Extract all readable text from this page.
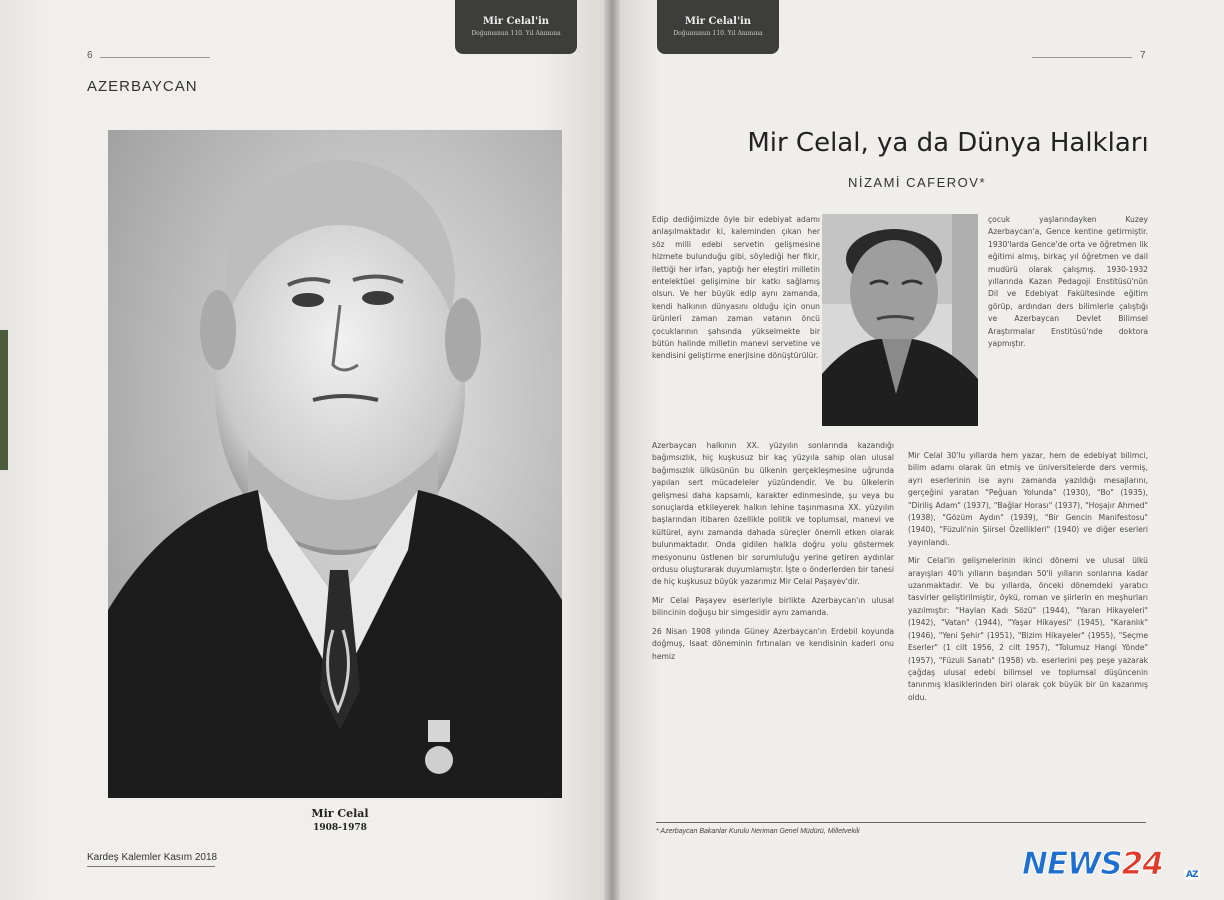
Mir Celal'in
Doğumunun 110. Yıl Anımına
6
AZERBAYCAN
Mir Celal
1908-1978
Kardeş Kalemler Kasım 2018
Mir Celal'in
Doğumunun 110. Yıl Anımına
7
Mir Celal, ya da Dünya Halkları
NİZAMİ CAFEROV*

Edip dediğimizde öyle bir edebiyat adamı anlaşılmaktadır ki, kaleminden çıkan her söz milli edebi servetin gelişmesine hizmete bulunduğu gibi, söylediği her fikir, ilettiği her irfan, yaptığı her eleştiri milletin entelektüel gelişimine bir katkı sağlamış olsun. Ve her büyük edip aynı zamanda, kendi halkının dünyasını olduğu için onun ürünleri zaman zaman vatanın öncü çocuklarının şahsında yükselmekte bir bütün halinde milletin manevi servetine ve kendisini geliştirme enerjisine dönüştürülür.

çocuk yaşlarındayken Kuzey Azerbaycan'a, Gence kentine getirmiştir. 1930'larda Gence'de orta ve öğretmen lik eğitimi almış, birkaç yıl öğretmen ve dail mudürü olarak çalışmış. 1930-1932 yıllarında Kazan Pedagoji Enstitüsü'nün Dil ve Edebiyat Fakültesinde eğitim görüp, ardından ders bilimlerle çalıştığı ve Azerbaycan Devlet Bilimsel Araştırmalar Enstitüsü'nde doktora yapmıştır.

Azerbaycan halkının XX. yüzyılın sonlarında kazandığı bağımsızlık, hiç kuşkusuz bir kaç yüzyıla sahip olan ulusal bağımsızlık ülküsünün bu ülkenin gerçekleşmesine uğrunda yapılan sert mücadeleler yüzündendir. Ve bu ülkelerin gelişmesi daha kapsamlı, karakter edinmesinde, şu veya bu sonuçlarda etkileyerek halkın lehine taşınmasına XX. yüzyılın başlarından itibaren özellikle politik ve toplumsal, manevi ve kültürel, aynı zamanda dahada süreçler önemli etken olarak bulunmaktadır. Onda gidilen halkla doğru yolu göstermek mesyonunu üstlenen bir sorumluluğu yerine getiren aydınlar ordusu oluşturarak duyumlamıştır. İşte o önderlerden bir tanesi de hiç kuşkusuz büyük yazarımız Mir Celal Paşayev'dir.

Mir Celal Paşayev eserleriyle birlikte Azerbaycan'ın ulusal bilincinin doğuşu bir simgesidir aynı zamanda.

26 Nisan 1908 yılında Güney Azerbaycan'ın Erdebil koyunda doğmuş, Isaat döneminin fırtınaları ve kendisinin kaderi onu hemiz

Mir Celal 30'lu yıllarda hem yazar, hem de edebiyat bilimci, bilim adamı olarak ün etmiş ve üniversitelerde ders vermiş, ayrı eserlerinin ise aynı zamanda yazıldığı mesajlarını, gerçeğini yaratan "Peğuan Yolunda" (1930), "Bo" (1935), "Diriliş Adam" (1937), "Bağlar Horası" (1937), "Hoşajır Ahmed" (1938), "Gözüm Aydın" (1939), "Bir Gencin Manifestosu" (1940), "Füzuli'nin Şiirsel Özellikleri" (1940) ve diğer eserleri yayınlandı.

Mir Celal'in gelişmelerinin ikinci dönemi ve ulusal ülkü arayışları 40'lı yılların başından 50'li yılların sonlarına kadar uzanmaktadır. Ve bu yıllarda, önceki dönemdeki yaratıcı tasvirler geliştirilmiştir, öykü, roman ve şiirlerin en meşhurları yazılmıştır: "Haylan Kadı Sözü" (1944), "Yaran Hikayeleri" (1942), "Vatan" (1944), "Yaşar Hikayesi" (1945), "Karanlık" (1946), "Yeni Şehir" (1951), "Bizim Hikayeler" (1955), "Seçme Eserler" (1 cilt 1956, 2 cilt 1957), "Tolumuz Hangi Yönde" (1957), "Füzuli Sanatı" (1958) vb. eserlerini peş peşe yazarak çağdaş ulusal edebi bilimsel ve toplumsal düşüncenin tanınmış klasiklerinden biri olarak çok büyük bir ün kazanmış oldu.

* Azerbaycan Bakanlar Kurulu Neriman Genel Müdürü, Milletvekili
NEWS24	AZ
